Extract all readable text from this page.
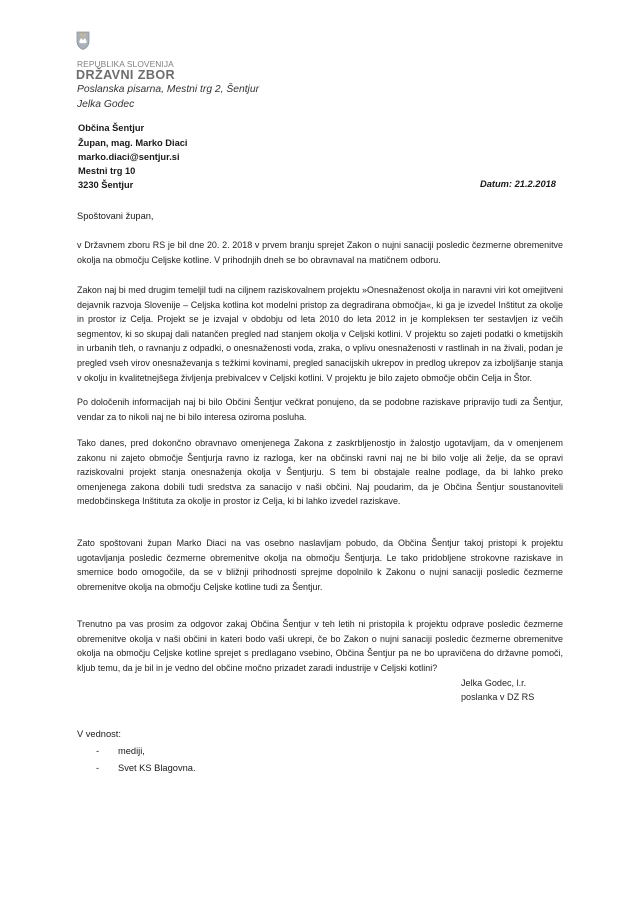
REPUBLIKA SLOVENIJA
DRŽAVNI ZBOR
Poslanska pisarna, Mestni trg 2, Šentjur
Jelka Godec
Občina Šentjur
Župan, mag. Marko Diaci
marko.diaci@sentjur.si
Mestni trg 10
3230 Šentjur	Datum: 21.2.2018
Spoštovani župan,

v Državnem zboru RS je bil dne 20. 2. 2018 v prvem branju sprejet Zakon o nujni sanaciji posledic čezmerne obremenitve okolja na območju Celjske kotline. V prihodnjih dneh se bo obravnaval na matičnem odboru.

Zakon naj bi med drugim temeljil tudi na ciljnem raziskovalnem projektu »Onesnaženost okolja in naravni viri kot omejitveni dejavnik razvoja Slovenije – Celjska kotlina kot modelni pristop za degradirana območja«, ki ga je izvedel Inštitut za okolje in prostor iz Celja. Projekt se je izvajal v obdobju od leta 2010 do leta 2012 in je kompleksen ter sestavljen iz večih segmentov, ki so skupaj dali natančen pregled nad stanjem okolja v Celjski kotlini. V projektu so zajeti podatki o kmetijskih in urbanih tleh, o ravnanju z odpadki, o onesnaženosti voda, zraka, o vplivu onesnaženosti v rastlinah in na živali, podan je pregled vseh virov onesnaževanja s težkimi kovinami, pregled sanacijskih ukrepov in predlog ukrepov za izboljšanje stanja v okolju in kvalitetnejšega življenja prebivalcev v Celjski kotlini. V projektu je bilo zajeto območje občin Celja in Štor.

Po določenih informacijah naj bi bilo Občini Šentjur večkrat ponujeno, da se podobne raziskave pripravijo tudi za Šentjur, vendar za to nikoli naj ne bi bilo interesa oziroma posluha.

Tako danes, pred dokončno obravnavo omenjenega Zakona z zaskrbljenostjo in žalostjo ugotavljam, da v omenjenem zakonu ni zajeto območje Šentjurja ravno iz razloga, ker na občinski ravni naj ne bi bilo volje ali želje, da se opravi raziskovalni projekt stanja onesnaženja okolja v Šentjurju. S tem bi obstajale realne podlage, da bi lahko preko omenjenega zakona dobili tudi sredstva za sanacijo v naši občini. Naj poudarim, da je Občina Šentjur soustanoviteli medobčinskega Inštituta za okolje in prostor iz Celja, ki bi lahko izvedel raziskave.

Zato spoštovani župan Marko Diaci na vas osebno naslavljam pobudo, da Občina Šentjur takoj pristopi k projektu ugotavljanja posledic čezmerne obremenitve okolja na območju Šentjurja. Le tako pridobljene strokovne raziskave in smernice bodo omogočile, da se v bližnji prihodnosti sprejme dopolnilo k Zakonu o nujni sanaciji posledic čezmerne obremenitve okolja na območju Celjske kotline tudi za Šentjur.

Trenutno pa vas prosim za odgovor zakaj Občina Šentjur v teh letih ni pristopila k projektu odprave posledic čezmerne obremenitve okolja v naši občini in kateri bodo vaši ukrepi, če bo Zakon o nujni sanaciji posledic čezmerne obremenitve okolja na območju Celjske kotline sprejet s predlagano vsebino, Občina Šentjur pa ne bo upravičena do državne pomoči, kljub temu, da je bil in je vedno del občine močno prizadet zaradi industrije v Celjski kotlini?

Jelka Godec, l.r.
poslanka v DZ RS
V vednost:
- mediji,
- Svet KS Blagovna.
